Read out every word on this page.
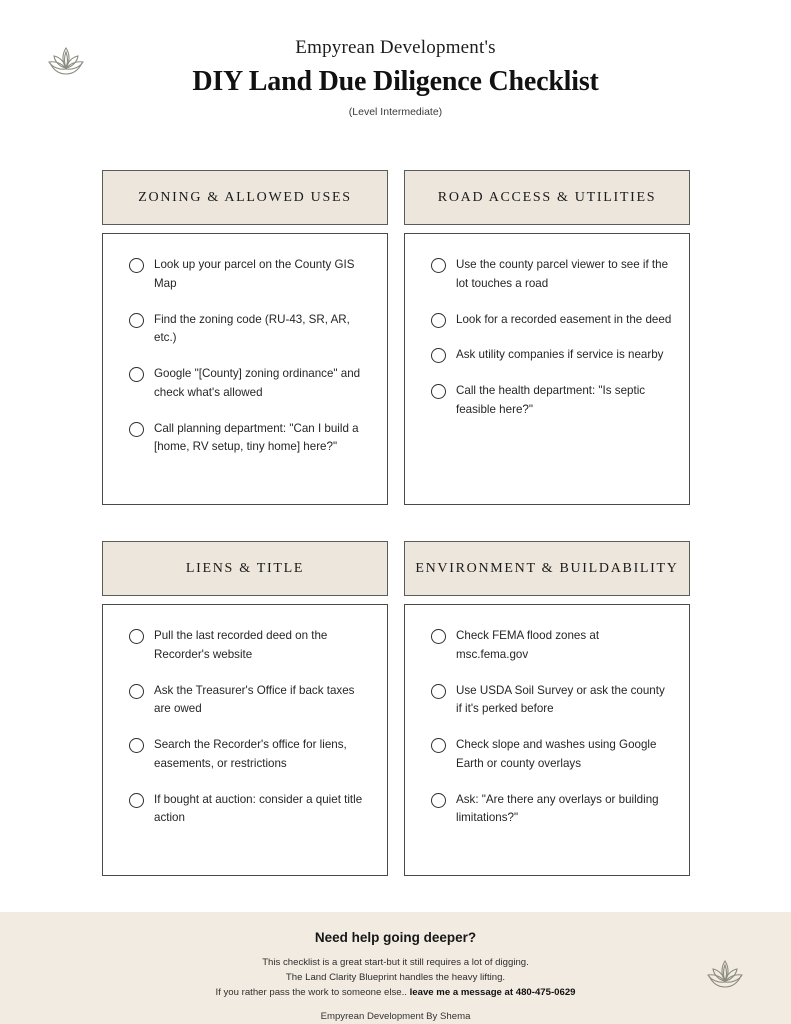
Empyrean Development's

DIY Land Due Diligence Checklist

(Level Intermediate)

ZONING & ALLOWED USES
Look up your parcel on the County GIS Map
Find the zoning code (RU-43, SR, AR, etc.)
Google "[County] zoning ordinance" and check what's allowed
Call planning department: "Can I build a [home, RV setup, tiny home] here?"
ROAD ACCESS & UTILITIES
Use the county parcel viewer to see if the lot touches a road
Look for a recorded easement in the deed
Ask utility companies if service is nearby
Call the health department: "Is septic feasible here?"
LIENS & TITLE
Pull the last recorded deed on the Recorder's website
Ask the Treasurer's Office if back taxes are owed
Search the Recorder's office for liens, easements, or restrictions
If bought at auction: consider a quiet title action
ENVIRONMENT & BUILDABILITY
Check FEMA flood zones at msc.fema.gov
Use USDA Soil Survey or ask the county if it's perked before
Check slope and washes using Google Earth or county overlays
Ask: "Are there any overlays or building limitations?"

Need help going deeper?

This checklist is a great start-but it still requires a lot of digging.

The Land Clarity Blueprint handles the heavy lifting.

If you rather pass the work to someone else.. leave me a message at 480-475-0629

Empyrean Development By Shema
